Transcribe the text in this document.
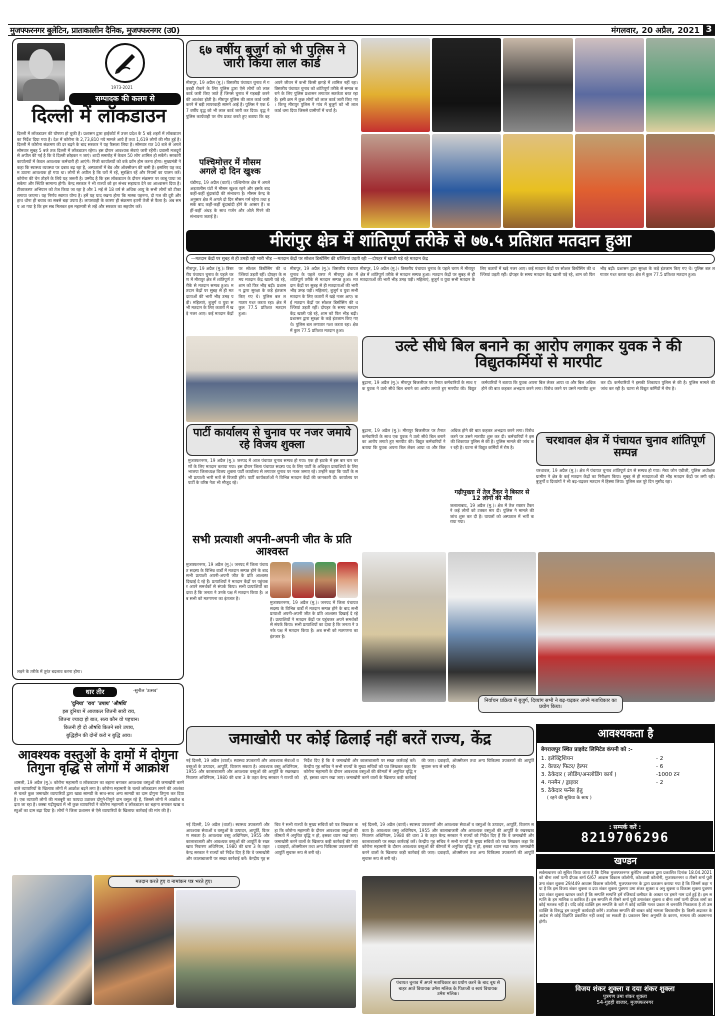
मुजफ्फरनगर बुलेटिन, प्रातःकालीन दैनिक, मुजफ्फरनगर (उ0)	मंगलवार, 20 अप्रैल, 2021 3
1973-2021
सम्पादक की कलम से
दिल्ली में लॉकडाउन
दिल्ली में लॉकडाउन की घोषणा हो चुकी है। प्रशासन द्वारा हाईकोर्ट में उत्तर प्रदेश के 5 बड़े शहरों में लॉकडाउन का निर्देश दिया गया है। देश में कोरोना के 2,73,810 नये मामले आये हैं तथा 1,619 लोगों की मौत हुई है। दिल्ली में कोरोना संक्रमण की दर बढ़ने के बाद सरकार ने यह फैसला लिया है। सोमवार रात 10 बजे से अगले सोमवार सुबह 5 बजे तक दिल्ली में लॉकडाउन रहेगा। इस दौरान आवश्यक सेवाएं जारी रहेंगी। प्रवासी मजदूरों से अपील की गई है कि वे दिल्ली छोड़कर न जाएं। शादी समारोह में केवल 50 लोग शामिल हो सकेंगे। सरकारी कार्यालयों में केवल आवश्यक कर्मचारी ही आएंगे। निजी कार्यालयों को वर्क फ्रॉम होम करना होगा। मुख्यमंत्री ने कहा कि स्वास्थ्य व्यवस्था पर दबाव बढ़ रहा है, अस्पतालों में बेड और ऑक्सीजन की कमी है। इसलिए यह कदम उठाना आवश्यक हो गया था। लोगों से अपील है कि घरों में रहें, सुरक्षित रहें और नियमों का पालन करें। कोरोना की चेन तोड़ने के लिये यह जरूरी है। उम्मीद है कि इस लॉकडाउन के दौरान संक्रमण पर काबू पाया जा सकेगा और स्थिति सामान्य होगी। केन्द्र सरकार ने भी राज्यों को हर संभव सहायता देने का आश्वासन दिया है। टीकाकरण अभियान को तेज किया जा रहा है और 1 मई से 18 वर्ष से अधिक आयु के सभी लोगों को टीका लगाया जाएगा। यह निर्णय स्वागत योग्य है। हमें यह याद रखना होगा कि मास्क पहनना, दो गज की दूरी और हाथ धोना ही बचाव का सबसे बड़ा उपाय है। लापरवाही के कारण ही संक्रमण इतनी तेजी से फैला है। अब समय आ गया है कि हम सब मिलकर इस महामारी से लड़ें और सरकार का सहयोग करें।
लड़ने के तरीके में तुरंत बदलाव करना होगा।
धार तीर	-सुनील 'उत्सव'
'दुनिया' 'राय' 'उपाय' 'औषधि'
इस दुनिया में आजकल जितनी सारी राय,
जितना ज्यादा हो बात, सत्य कौन वो पहचान।
कितनी ही दो औषधि कितने सारे उपाय,
बुद्धिहीन की दोनों करो न बुद्धि आय।
आवश्यक वस्तुओं के दामों में दोगुना तिगुना वृद्धि से लोगों में आक्रोश
शामली, 19 अप्रैल (मु.)। कोरोना महामारी व लॉकडाउन का बहाना बनाकर आवश्यक वस्तुओं की जमाखोरी करने वाले व्यापारियों के खिलाफ लोगों में आक्रोश बढ़ने लगा है। कोरोना महामारी के चलते लॉकडाउन लगने की आशंका से चलते कुछ जमाखोर व्यापारियों द्वारा खाद्य सामग्री के साथ-साथ अन्य सामग्री का दाम दोगुना तिगुना कर दिया है। एक व्यापारी लोगों की मजबूरी का फायदा उठाकर दोगुने-तिगुने दाम वसूल रहे हैं, जिससे लोगों में आक्रोश बढ़ता जा रहा है। कस्बा गढ़ीपुख्ता में भी कुछ व्यापारियों ने कोरोना महामारी व लॉकडाउन का बहाना बनाकर खाद्य वस्तुओं का दाम बढ़ा दिया है। लोगों ने जिला प्रशासन से ऐसे व्यापारियों के खिलाफ कार्रवाई की मांग की है।
६७ वर्षीय बुजुर्ग को भी पुलिस ने जारी किया लाल कार्ड
मीरापुर, 19 अप्रैल (मु.)। त्रिस्तरीय पंचायत चुनाव में गड़बड़ी रोकने के लिए पुलिस द्वारा ऐसे लोगों को लाल कार्ड जारी किए जाते हैं जिनसे चुनाव में गड़बड़ी करने की आशंका होती है। मीरापुर पुलिस की लाल कार्ड जारी करने में बड़ी लापरवाही सामने आई है। पुलिस ने एक 67 वर्षीय वृद्ध को भी लाल कार्ड जारी कर दिया। वृद्ध ने पुलिस कार्यवाही पर रोष प्रकट करते हुए बताया कि वह अपने जीवन में कभी किसी झगड़े में शामिल नहीं रहा। त्रिस्तरीय पंचायत चुनाव को शांतिपूर्ण तरीके से सम्पन्न कराने के लिए पुलिस प्रशासन लगातार सतर्कता बरत रहा है। इसी क्रम में कुछ लोगों को लाल कार्ड जारी किए गए। किन्तु मीरापुर पुलिस ने गांव में बुजुर्ग को भी लाल कार्ड थमा दिया जिससे ग्रामीणों में चर्चा है।
पश्चिमोत्तर में मौसम अगले दो दिन खुश्क
चंडीगढ़, 19 अप्रैल (वार्ता)। पश्चिमोत्तर क्षेत्र में अगले अड़तालीस घंटों में मौसम खुश्क रहने और इसके बाद कहीं-कहीं बूंदाबांदी की संभावना है। मौसम केन्द्र के अनुसार क्षेत्र में अगले दो दिन मौसम गर्म रहेगा तथा इसके बाद कहीं-कहीं बूंदाबांदी होने के आसार हैं। कहीं-कहीं अंधड़ के साथ गर्जन और ओले गिरने की संभावना जताई है।
मीरांपुर क्षेत्र में शांतिपूर्ण तरीके से ७७.५ प्रतिशत मतदान हुआ
—मतदान केंद्रों पर सुबह से ही उमड़ी रही भारी भीड़ —मतदान केंद्रों पर सोशल डिस्टेंसिंग की धज्जियां उड़ती रही —दोपहर में खाली पड़े रहे मतदान केंद्र
मीरापुर, 19 अप्रैल (मु.)। त्रिस्तरीय पंचायत चुनाव के पहले चरण में मीरापुर क्षेत्र में शांतिपूर्ण तरीके से मतदान सम्पन्न हुआ। मतदान केंद्रों पर सुबह से ही मतदाताओं की भारी भीड़ उमड़ पड़ी। महिलाएं, बुजुर्ग व युवा सभी मतदान के लिए कतारों में खड़े नजर आए। कई मतदान केंद्रों पर सोशल डिस्टेंसिंग की धज्जियां उड़ती रहीं। दोपहर के समय मतदान केंद्र खाली पड़े रहे, शाम को फिर भीड़ बढ़ी। प्रशासन द्वारा सुरक्षा के कड़े इंतजाम किए गए थे। पुलिस बल लगातार गश्त करता रहा। क्षेत्र में कुल 77.5 प्रतिशत मतदान हुआ।
मीरापुर, 19 अप्रैल (मु.)। त्रिस्तरीय पंचायत चुनाव के पहले चरण में मीरापुर क्षेत्र में शांतिपूर्ण तरीके से मतदान सम्पन्न हुआ। मतदान केंद्रों पर सुबह से ही मतदाताओं की भारी भीड़ उमड़ पड़ी। महिलाएं, बुजुर्ग व युवा सभी मतदान के लिए कतारों में खड़े नजर आए। कई मतदान केंद्रों पर सोशल डिस्टेंसिंग की धज्जियां उड़ती रहीं। दोपहर के समय मतदान केंद्र खाली पड़े रहे, शाम को फिर भीड़ बढ़ी। प्रशासन द्वारा सुरक्षा के कड़े इंतजाम किए गए थे। पुलिस बल लगातार गश्त करता रहा। क्षेत्र में कुल 77.5 प्रतिशत मतदान हुआ।
मीरापुर, 19 अप्रैल (मु.)। त्रिस्तरीय पंचायत चुनाव के पहले चरण में मीरापुर क्षेत्र में शांतिपूर्ण तरीके से मतदान सम्पन्न हुआ। मतदान केंद्रों पर सुबह से ही मतदाताओं की भारी भीड़ उमड़ पड़ी। महिलाएं, बुजुर्ग व युवा सभी मतदान के लिए कतारों में खड़े नजर आए। कई मतदान केंद्रों पर सोशल डिस्टेंसिंग की धज्जियां उड़ती रहीं। दोपहर के समय मतदान केंद्र खाली पड़े रहे, शाम को फिर भीड़ बढ़ी। प्रशासन द्वारा सुरक्षा के कड़े इंतजाम किए गए थे। पुलिस बल लगातार गश्त करता रहा। क्षेत्र में कुल 77.5 प्रतिशत मतदान हुआ।
पार्टी कार्यालय से चुनाव पर नजर जमाये रहे विजय शुक्ला
मुजफ्फरनगर, 19 अप्रैल (मु.)। जनपद में आज पंचायत चुनाव सम्पन्न हो गया। एक ही झटके में इस बार चार चरणों के लिए मतदान कराया गया। इस दौरान जिला पंचायत सदस्य पद के लिए पार्टी के अधिकृत प्रत्याशियों के लिए भाजपा जिलाध्यक्ष विजय शुक्ला पार्टी कार्यालय से लगातार चुनाव पर नजर जमाए रहे। उन्होंने कहा कि पार्टी के सभी प्रत्याशी भारी मतों से विजयी होंगे। पार्टी कार्यकर्ताओं ने विभिन्न मतदान केंद्रों की जानकारी दी। कार्यालय पर पार्टी के वरिष्ठ नेता भी मौजूद रहे।
सभी प्रत्याशी अपनी-अपनी जीत के प्रति आश्वस्त
मुजफ्फरनगर, 19 अप्रैल (मु.)। जनपद में जिला पंचायत सदस्य के विभिन्न वार्डों में मतदान सम्पन्न होने के बाद सभी प्रत्याशी अपनी-अपनी जीत के प्रति आश्वस्त दिखाई दे रहे हैं। प्रत्याशियों ने मतदान केंद्रों पर पहुंचकर अपने समर्थकों से संपर्क किया। सभी प्रत्याशियों का दावा है कि जनता ने उनके पक्ष में मतदान किया है। अब सभी को मतगणना का इंतजार है।
मुजफ्फरनगर, 19 अप्रैल (मु.)। जनपद में जिला पंचायत सदस्य के विभिन्न वार्डों में मतदान सम्पन्न होने के बाद सभी प्रत्याशी अपनी-अपनी जीत के प्रति आश्वस्त दिखाई दे रहे हैं। प्रत्याशियों ने मतदान केंद्रों पर पहुंचकर अपने समर्थकों से संपर्क किया। सभी प्रत्याशियों का दावा है कि जनता ने उनके पक्ष में मतदान किया है। अब सभी को मतगणना का इंतजार है।
उल्टे सीधे बिल बनाने का आरोप लगाकर युवक ने की विद्युतकर्मियों से मारपीट
बुढ़ाना, 19 अप्रैल (मु.)। मीरापुर बिजलीघर पर तैनात कर्मचारियों के साथ एक युवक ने उल्टे सीधे बिल बनाने का आरोप लगाते हुए मारपीट की। विद्युत कर्मचारियों ने बताया कि युवक अपना बिल लेकर आया था और बिल अधिक होने की बात कहकर अभद्रता करने लगा। विरोध करने पर उसने मारपीट शुरू कर दी। कर्मचारियों ने इसकी शिकायत पुलिस से की है। पुलिस मामले की जांच कर रही है। घटना से विद्युत कर्मियों में रोष है।
बुढ़ाना, 19 अप्रैल (मु.)। मीरापुर बिजलीघर पर तैनात कर्मचारियों के साथ एक युवक ने उल्टे सीधे बिल बनाने का आरोप लगाते हुए मारपीट की। विद्युत कर्मचारियों ने बताया कि युवक अपना बिल लेकर आया था और बिल अधिक होने की बात कहकर अभद्रता करने लगा। विरोध करने पर उसने मारपीट शुरू कर दी। कर्मचारियों ने इसकी शिकायत पुलिस से की है। पुलिस मामले की जांच कर रही है। घटना से विद्युत कर्मियों में रोष है।
गढ़ीपुख्ता में तेज टैंकर ने बिस्तर से 12 लोगों की मौत
जलालाबाद, 19 अप्रैल (मु.)। क्षेत्र में तेज रफ्तार टैंकर ने कई लोगों को टक्कर मार दी। पुलिस ने मामले की जांच शुरू कर दी है। घायलों को अस्पताल में भर्ती कराया गया।
चरथावल क्षेत्र में पंचायत चुनाव शांतिपूर्ण सम्पन्न
चरथावल, 19 अप्रैल (मु.)। क्षेत्र में पंचायत चुनाव शांतिपूर्ण ढंग से सम्पन्न हो गया। मेरठ जोन एडीजी, पुलिस अधीक्षक ग्रामीण ने क्षेत्र के कई मतदान केंद्रों का निरीक्षण किया। सुबह से ही मतदाताओं की भीड़ मतदान केंद्रों पर लगी रही। बुजुर्गों व दिव्यांगों ने भी बढ़-चढ़कर मतदान में हिस्सा लिया। पुलिस बल पूरे दिन मुस्तैद रहा।
निर्वाचन प्रक्रिया में बुजुर्ग, दिव्यांग सभी ने बढ़-चढ़कर अपने मताधिकार का प्रयोग किया।
जमाखोरी पर कोई ढिलाई नहीं बरतें राज्य, केंद्र
नई दिल्ली, 19 अप्रैल (वार्ता)। स्वास्थ्य उपकरणों और आवश्यक सेवाओं व वस्तुओं के उत्पादन, आपूर्ति, वितरण सकता है। आवश्यक वस्तु अधिनियम, 1955 और कालाबाजारी और आवश्यक वस्तुओं की आपूर्ति के रखरखाव निवारण अधिनियम, 1980 की धारा 3 के तहत केन्द्र सरकार ने राज्यों को निर्देश दिए हैं कि वे जमाखोरी और कालाबाजारी पर सख्त कार्रवाई करें। केन्द्रीय गृह सचिव ने सभी राज्यों के मुख्य सचिवों को पत्र लिखकर कहा कि कोरोना महामारी के दौरान आवश्यक वस्तुओं की कीमतों में अनुचित वृद्धि न हो, इसका ध्यान रखा जाए। जमाखोरी करने वालों के खिलाफ कड़ी कार्रवाई की जाए। दवाइयों, ऑक्सीजन तथा अन्य चिकित्सा उपकरणों की आपूर्ति सुचारू रूप से बनी रहे।
नई दिल्ली, 19 अप्रैल (वार्ता)। स्वास्थ्य उपकरणों और आवश्यक सेवाओं व वस्तुओं के उत्पादन, आपूर्ति, वितरण सकता है। आवश्यक वस्तु अधिनियम, 1955 और कालाबाजारी और आवश्यक वस्तुओं की आपूर्ति के रखरखाव निवारण अधिनियम, 1980 की धारा 3 के तहत केन्द्र सरकार ने राज्यों को निर्देश दिए हैं कि वे जमाखोरी और कालाबाजारी पर सख्त कार्रवाई करें। केन्द्रीय गृह सचिव ने सभी राज्यों के मुख्य सचिवों को पत्र लिखकर कहा कि कोरोना महामारी के दौरान आवश्यक वस्तुओं की कीमतों में अनुचित वृद्धि न हो, इसका ध्यान रखा जाए। जमाखोरी करने वालों के खिलाफ कड़ी कार्रवाई की जाए। दवाइयों, ऑक्सीजन तथा अन्य चिकित्सा उपकरणों की आपूर्ति सुचारू रूप से बनी रहे।
नई दिल्ली, 19 अप्रैल (वार्ता)। स्वास्थ्य उपकरणों और आवश्यक सेवाओं व वस्तुओं के उत्पादन, आपूर्ति, वितरण सकता है। आवश्यक वस्तु अधिनियम, 1955 और कालाबाजारी और आवश्यक वस्तुओं की आपूर्ति के रखरखाव निवारण अधिनियम, 1980 की धारा 3 के तहत केन्द्र सरकार ने राज्यों को निर्देश दिए हैं कि वे जमाखोरी और कालाबाजारी पर सख्त कार्रवाई करें। केन्द्रीय गृह सचिव ने सभी राज्यों के मुख्य सचिवों को पत्र लिखकर कहा कि कोरोना महामारी के दौरान आवश्यक वस्तुओं की कीमतों में अनुचित वृद्धि न हो, इसका ध्यान रखा जाए। जमाखोरी करने वालों के खिलाफ कड़ी कार्रवाई की जाए। दवाइयों, ऑक्सीजन तथा अन्य चिकित्सा उपकरणों की आपूर्ति सुचारू रूप से बनी रहे।
मतदान करते हुए व नामांकन पत्र भरते हुए।
पंचायत चुनाव में अपने मताधिकार का प्रयोग करने के बाद बूथ से बाहर आते विधायक उमेश मलिक के पिताजी व स्वयं विधायक उमेश मलिक।
आवश्यकता है
बेगराजपुर स्थित प्राइवेट लिमिटेड कंपनी को :-
1. इलेक्ट्रिशियन	- 2
2. वेल्डर/ फिटर/ हेल्पर	- 6
3. ठेकेदार ( लोडिंग/अनलोडिंग कार्य )	-1000 टन
4. गनमैन / ड्राइवर	- 2
5. ठेकेदार फर्नेस हेतु
( रहने की सुविधा के साथ )
: सम्पर्क करें :
8219706296
खण्डन
सर्वसाधारण को सूचित किया जाता है कि दैनिक मुजफ्फरनगर बुलेटिन अखबार द्वारा प्रकाशित दिनांक 18.04.2021 को बीना शर्मा पत्नी दीपक शर्मा 6/67 आवास विकास कॉलोनी, कोतवाली कॉलोनी, मुजफ्फरनगर व तीसरे शर्मा पुत्री उमा शंकर शुक्ला 29/449 आवास विकास कॉलोनी, मुजफ्फरनगर के द्वारा प्रकाशन कराया गया है कि जिसमें कहा गया है कि इस विजय शंकर शुक्ला व दया शंकर शुक्ला पुत्रगण उमा शंकर शुक्ला व अनु शुक्ला व विकास शुक्ला पुत्रगण दया शंकर शुक्ला खण्डन करते हैं कि सम्पत्ति सम्पत्ति हमें रजिस्टर्ड वसीयत के आधार पर हमारे नाम दर्ज हुई है। इस सम्पत्ति के हम मालिक व काबिज हैं। इस सम्पत्ति से तीसरे शर्मा पुत्री उमाशंकर शुक्ला व बीना शर्मा पत्नी दीपक शर्मा का कोई मतलब नहीं है। यदि कोई व्यक्ति इस सम्पत्ति के बारे में कोई व्यक्ति गलत प्रकार से धनराशि निकालता है तो उस व्यक्ति के विरुद्ध हम कानूनी कार्यवाही करेंगे। उपरोक्त सम्पत्ति की बाबत कोई मामला विचाराधीन है। किसी अदालत के आदेश से कोई विज्ञप्ति प्रकाशित नहीं कराई जा सकती है। प्रकाशन बिना अनुमति के कारण, मामला की अवमानना होगी।
विजय शंकर शुक्ला व दया शंकर शुक्ला
पुत्रगण उमा शंकर शुक्ला
54-गुड़ही बाजार, मुजफ्फरनगर
